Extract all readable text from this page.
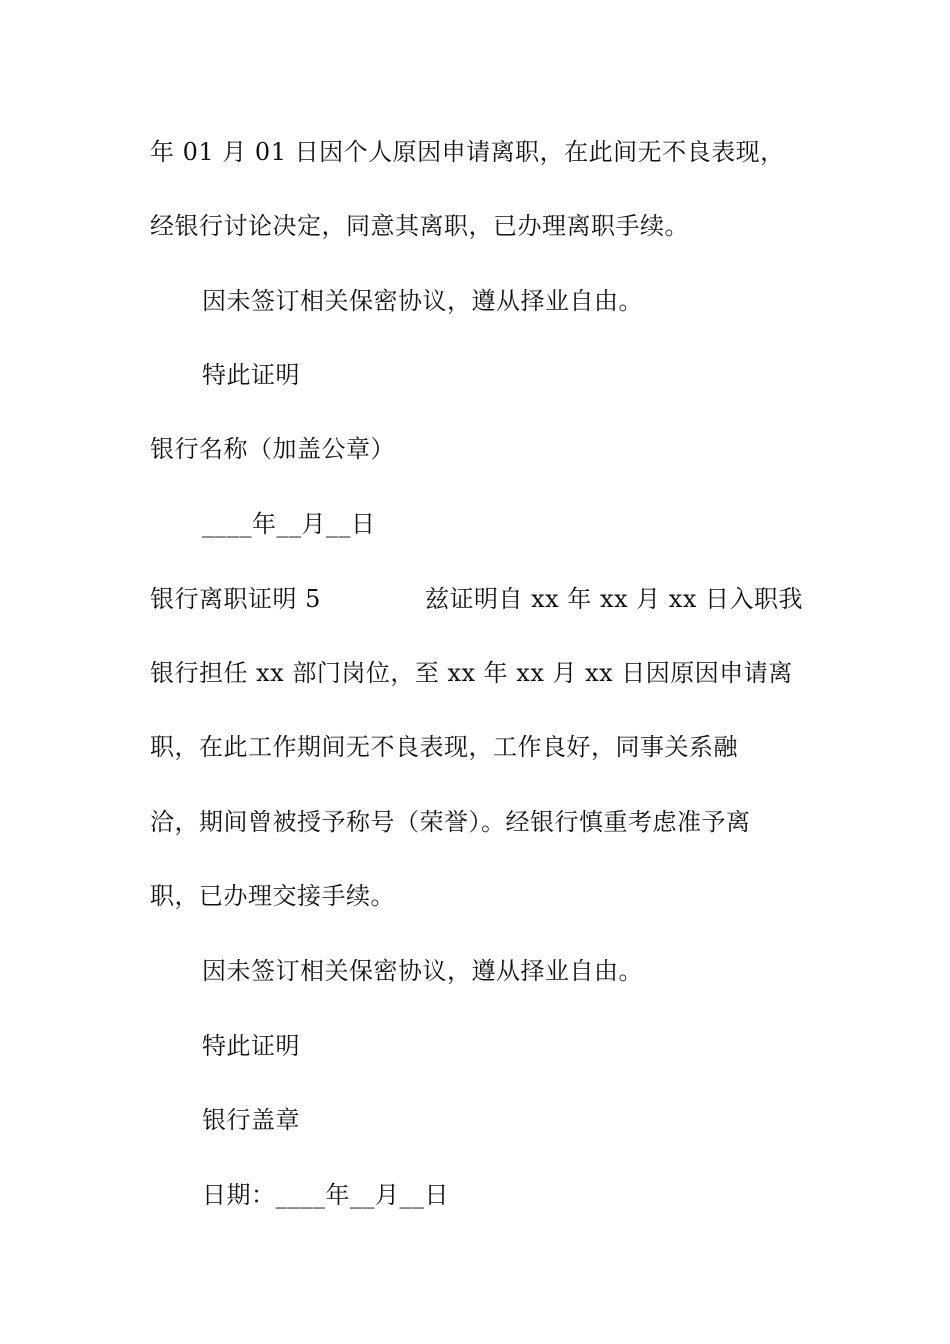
年 01 月 01 日因个人原因申请离职，在此间无不良表现，
经银行讨论决定，同意其离职，已办理离职手续。
因未签订相关保密协议，遵从择业自由。
特此证明
银行名称（加盖公章）
____年__月__日
银行离职证明 5	兹证明自 xx 年 xx 月 xx 日入职我
银行担任 xx 部门岗位，至 xx 年 xx 月 xx 日因原因申请离
职，在此工作期间无不良表现，工作良好，同事关系融
洽，期间曾被授予称号（荣誉）。经银行慎重考虑准予离
职，已办理交接手续。
因未签订相关保密协议，遵从择业自由。
特此证明
银行盖章
日期：____年__月__日
